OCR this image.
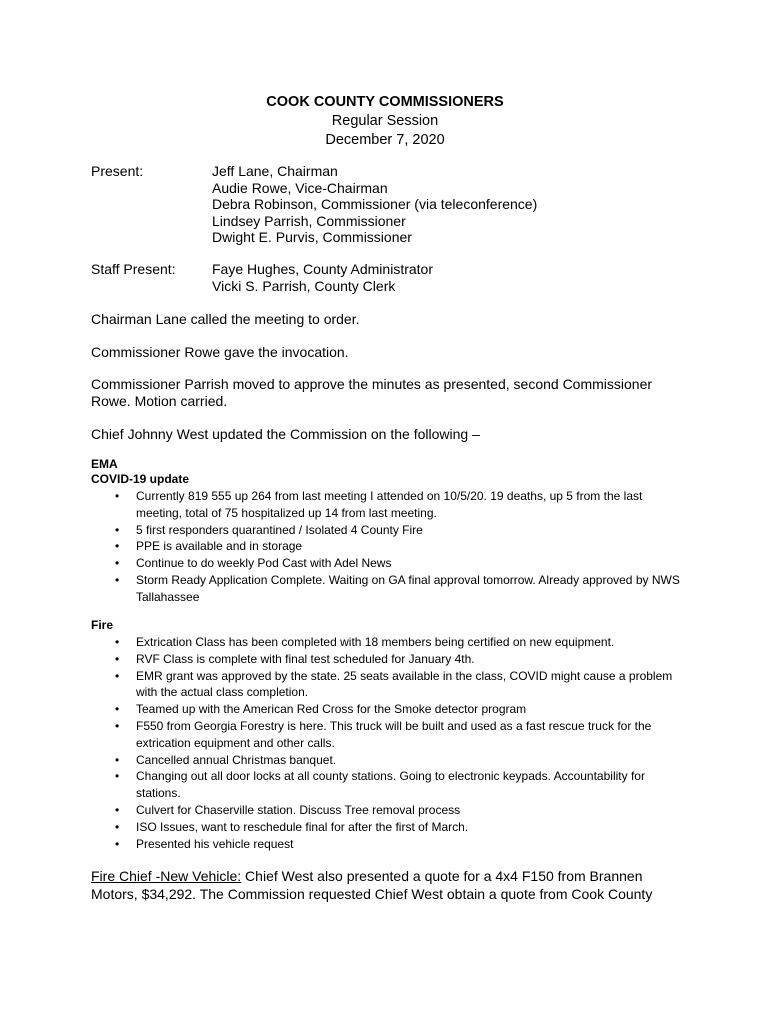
COOK COUNTY COMMISSIONERS
Regular Session
December 7, 2020
Present:	Jeff Lane, Chairman
Audie Rowe, Vice-Chairman
Debra Robinson, Commissioner (via teleconference)
Lindsey Parrish, Commissioner
Dwight E. Purvis, Commissioner
Staff Present:	Faye Hughes, County Administrator
Vicki S. Parrish, County Clerk
Chairman Lane called the meeting to order.
Commissioner Rowe gave the invocation.
Commissioner Parrish moved to approve the minutes as presented, second Commissioner Rowe. Motion carried.
Chief Johnny West updated the Commission on the following –
EMA
COVID-19 update
• Currently 819 555 up 264 from last meeting I attended on 10/5/20. 19 deaths, up 5 from the last meeting, total of 75 hospitalized up 14 from last meeting.
• 5 first responders quarantined / Isolated 4 County Fire
• PPE is available and in storage
• Continue to do weekly Pod Cast with Adel News
• Storm Ready Application Complete. Waiting on GA final approval tomorrow. Already approved by NWS Tallahassee
Fire
• Extrication Class has been completed with 18 members being certified on new equipment.
• RVF Class is complete with final test scheduled for January 4th.
• EMR grant was approved by the state. 25 seats available in the class, COVID might cause a problem with the actual class completion.
• Teamed up with the American Red Cross for the Smoke detector program
• F550 from Georgia Forestry is here. This truck will be built and used as a fast rescue truck for the extrication equipment and other calls.
• Cancelled annual Christmas banquet.
• Changing out all door locks at all county stations. Going to electronic keypads. Accountability for stations.
• Culvert for Chaserville station. Discuss Tree removal process
• ISO Issues, want to reschedule final for after the first of March.
• Presented his vehicle request
Fire Chief -New Vehicle: Chief West also presented a quote for a 4x4 F150 from Brannen Motors, $34,292. The Commission requested Chief West obtain a quote from Cook County
